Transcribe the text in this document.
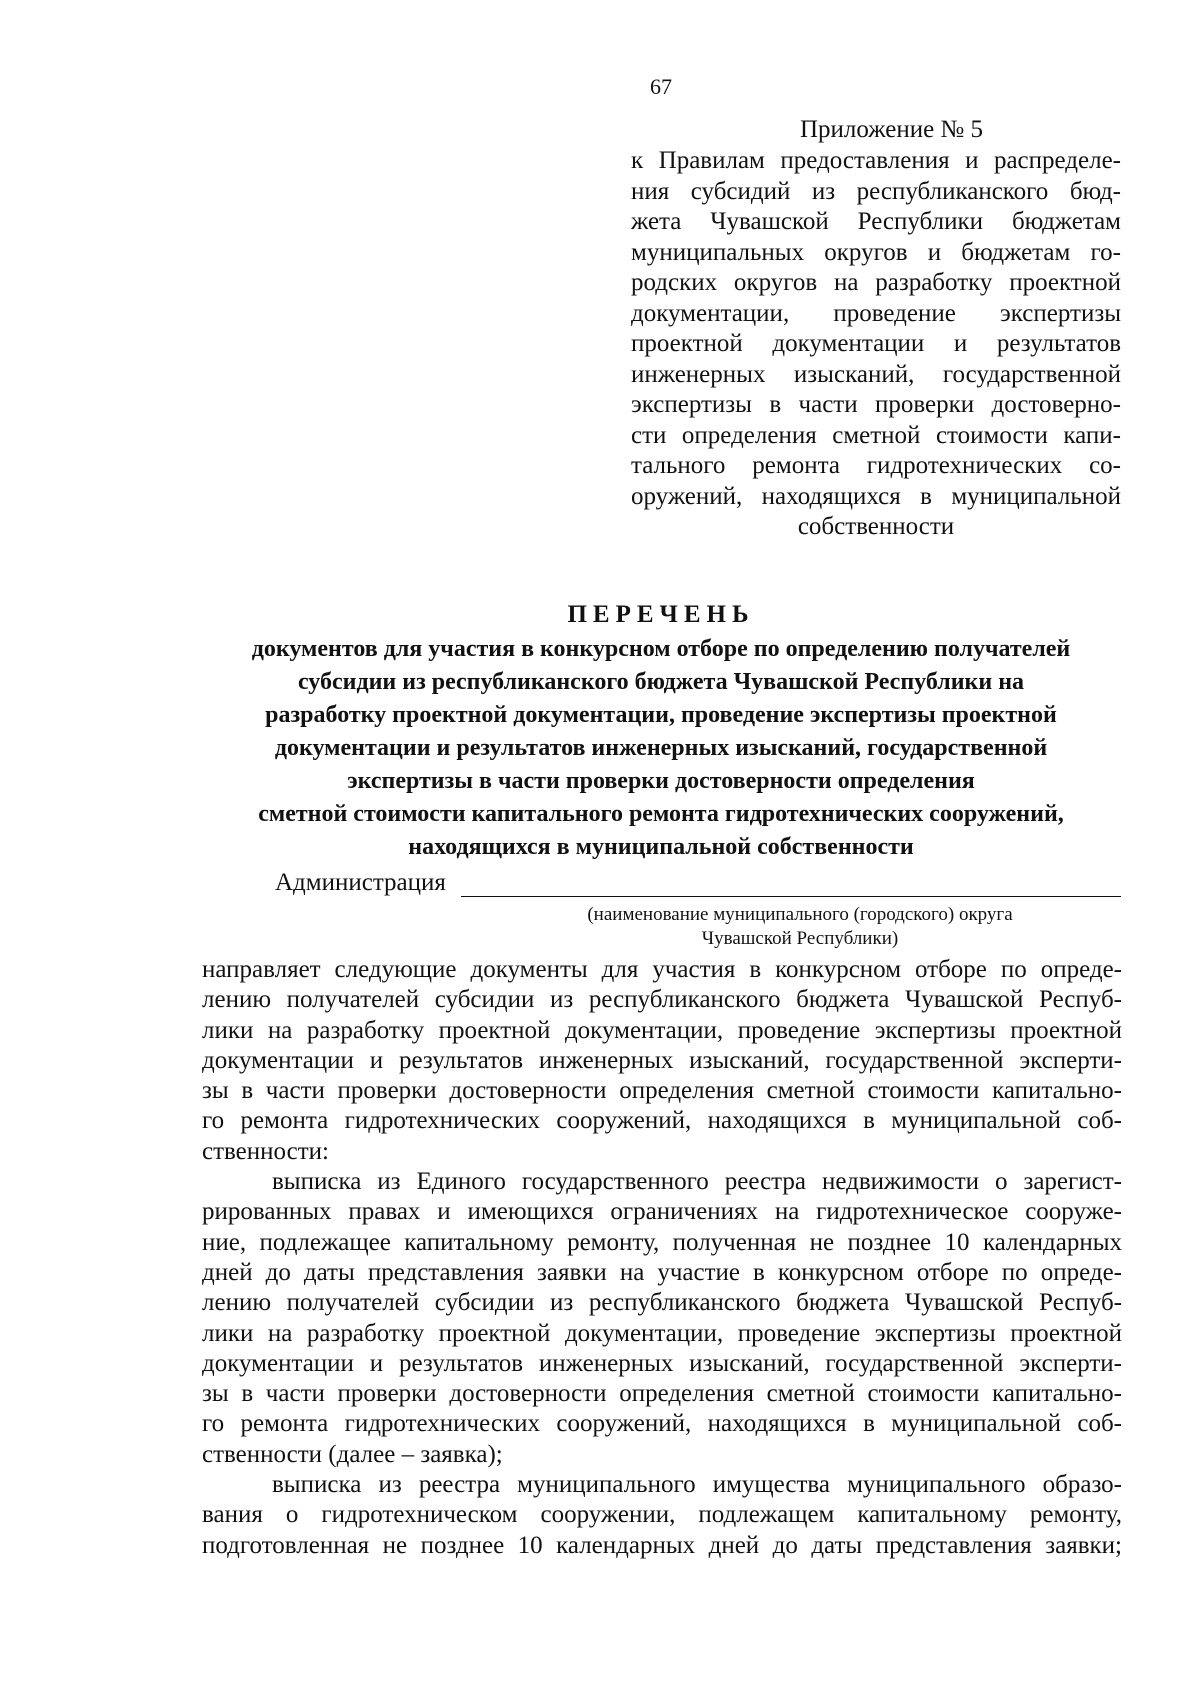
67
Приложение № 5
к Правилам предоставления и распределе-
ния субсидий из республиканского бюд-
жета Чувашской Республики бюджетам
муниципальных округов и бюджетам го-
родских округов на разработку проектной
документации, проведение экспертизы
проектной документации и результатов
инженерных изысканий, государственной
экспертизы в части проверки достоверно-
сти определения сметной стоимости капи-
тального ремонта гидротехнических со-
оружений, находящихся в муниципальной
собственности
ПЕРЕЧЕНЬ
документов для участия в конкурсном отборе по определению получателей
субсидии из республиканского бюджета Чувашской Республики на
разработку проектной документации, проведение экспертизы проектной
документации и результатов инженерных изысканий, государственной
экспертизы в части проверки достоверности определения
сметной стоимости капитального ремонта гидротехнических сооружений,
находящихся в муниципальной собственности
Администрация
(наименование муниципального (городского) округа
Чувашской Республики)
направляет следующие документы для участия в конкурсном отборе по опреде-
лению получателей субсидии из республиканского бюджета Чувашской Респуб-
лики на разработку проектной документации, проведение экспертизы проектной
документации и результатов инженерных изысканий, государственной эксперти-
зы в части проверки достоверности определения сметной стоимости капитально-
го ремонта гидротехнических сооружений, находящихся в муниципальной соб-
ственности:
выписка из Единого государственного реестра недвижимости о зарегист-
рированных правах и имеющихся ограничениях на гидротехническое сооруже-
ние, подлежащее капитальному ремонту, полученная не позднее 10 календарных
дней до даты представления заявки на участие в конкурсном отборе по опреде-
лению получателей субсидии из республиканского бюджета Чувашской Респуб-
лики на разработку проектной документации, проведение экспертизы проектной
документации и результатов инженерных изысканий, государственной эксперти-
зы в части проверки достоверности определения сметной стоимости капитально-
го ремонта гидротехнических сооружений, находящихся в муниципальной соб-
ственности (далее – заявка);
выписка из реестра муниципального имущества муниципального образо-
вания о гидротехническом сооружении, подлежащем капитальному ремонту,
подготовленная не позднее 10 календарных дней до даты представления заявки;
